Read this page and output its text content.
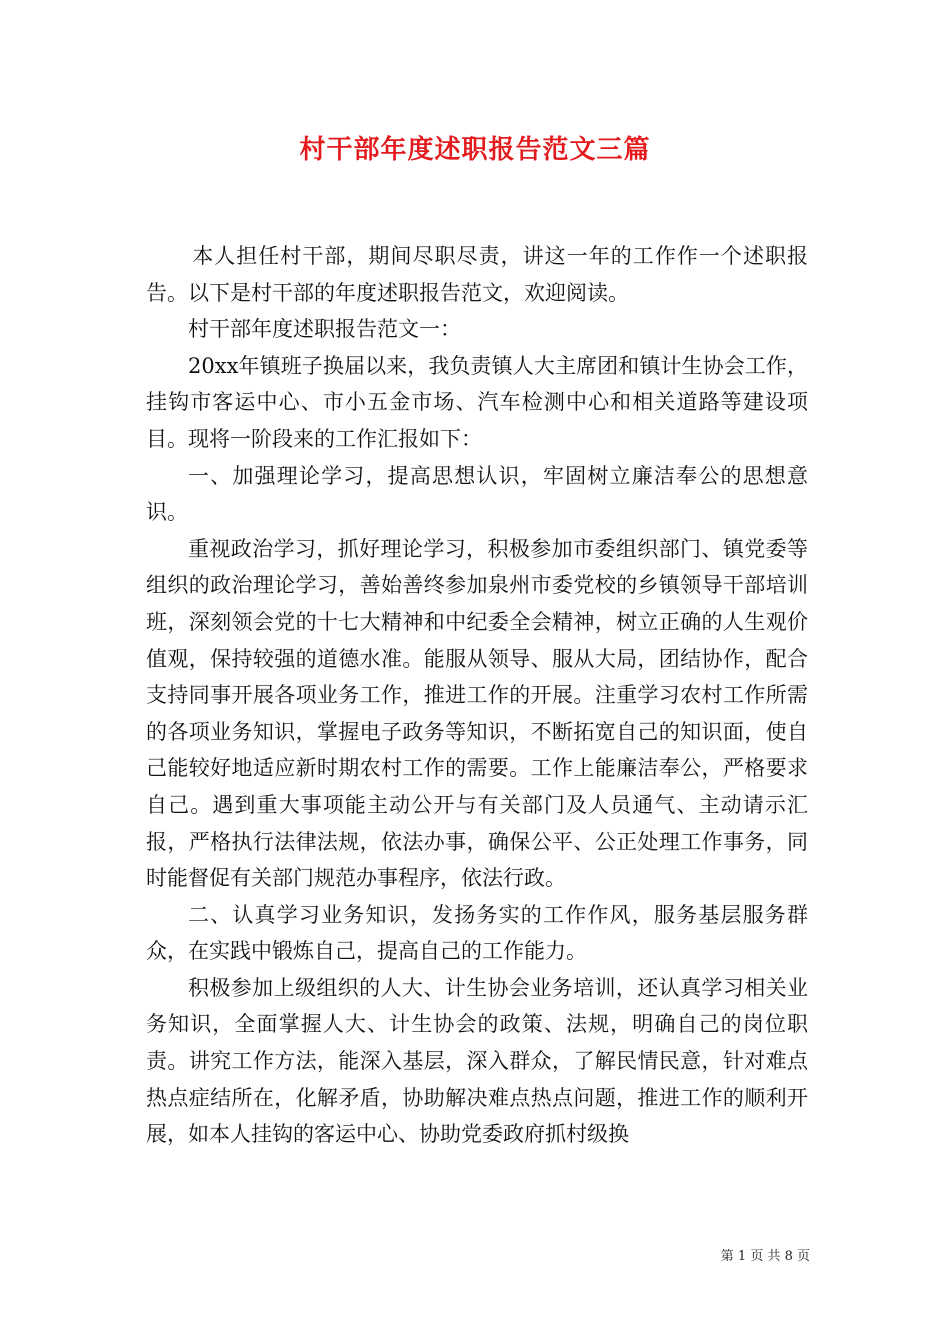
村干部年度述职报告范文三篇

本人担任村干部，期间尽职尽责，讲这一年的工作作一个述职报告。以下是村干部的年度述职报告范文，欢迎阅读。

村干部年度述职报告范文一：

20xx年镇班子换届以来，我负责镇人大主席团和镇计生协会工作，挂钩市客运中心、市小五金市场、汽车检测中心和相关道路等建设项目。现将一阶段来的工作汇报如下：

一、加强理论学习，提高思想认识，牢固树立廉洁奉公的思想意识。

重视政治学习，抓好理论学习，积极参加市委组织部门、镇党委等组织的政治理论学习，善始善终参加泉州市委党校的乡镇领导干部培训班，深刻领会党的十七大精神和中纪委全会精神，树立正确的人生观价值观，保持较强的道德水准。能服从领导、服从大局，团结协作，配合支持同事开展各项业务工作，推进工作的开展。注重学习农村工作所需的各项业务知识，掌握电子政务等知识，不断拓宽自己的知识面，使自己能较好地适应新时期农村工作的需要。工作上能廉洁奉公，严格要求自己。遇到重大事项能主动公开与有关部门及人员通气、主动请示汇报，严格执行法律法规，依法办事，确保公平、公正处理工作事务，同时能督促有关部门规范办事程序，依法行政。

二、认真学习业务知识，发扬务实的工作作风，服务基层服务群众，在实践中锻炼自己，提高自己的工作能力。

积极参加上级组织的人大、计生协会业务培训，还认真学习相关业务知识，全面掌握人大、计生协会的政策、法规，明确自己的岗位职责。讲究工作方法，能深入基层，深入群众，了解民情民意，针对难点热点症结所在，化解矛盾，协助解决难点热点问题，推进工作的顺利开展，如本人挂钩的客运中心、协助党委政府抓村级换

第 1 页 共 8 页
